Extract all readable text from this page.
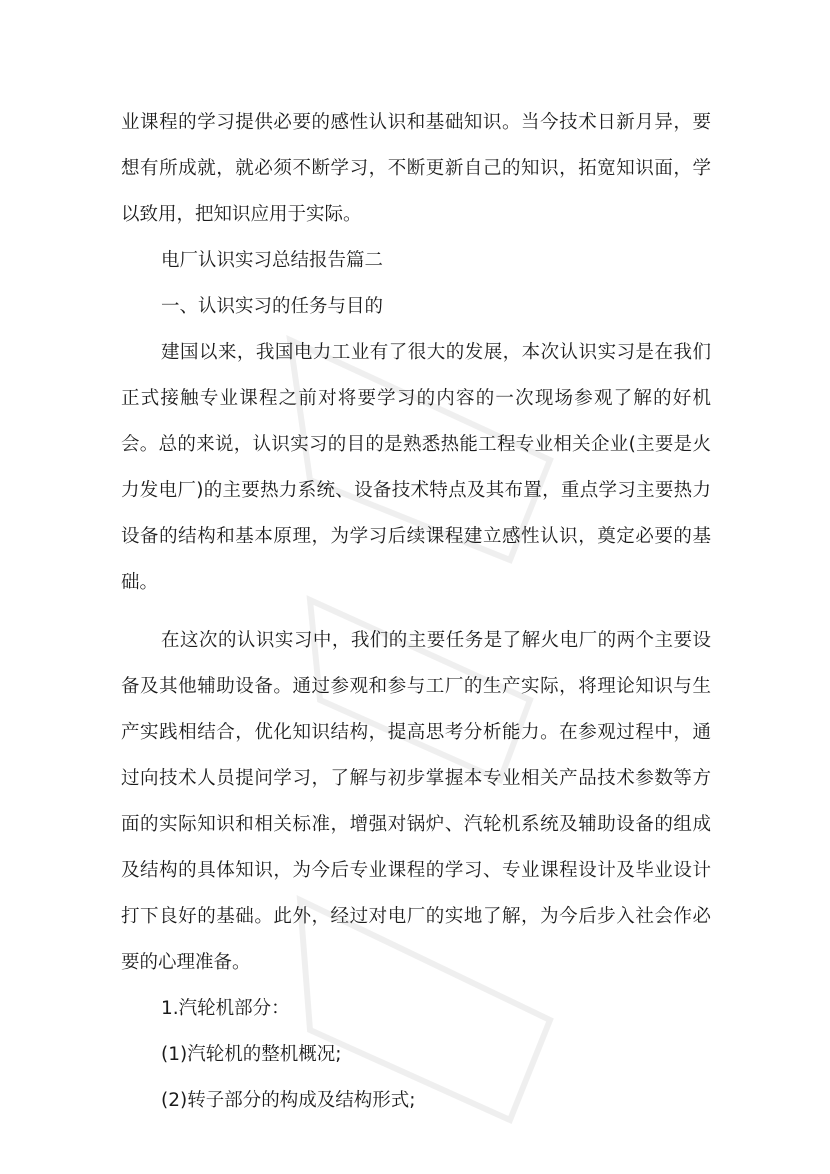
业课程的学习提供必要的感性认识和基础知识。当今技术日新月异，要想有所成就，就必须不断学习，不断更新自己的知识，拓宽知识面，学以致用，把知识应用于实际。

电厂认识实习总结报告篇二

一、认识实习的任务与目的

建国以来，我国电力工业有了很大的发展，本次认识实习是在我们正式接触专业课程之前对将要学习的内容的一次现场参观了解的好机会。总的来说，认识实习的目的是熟悉热能工程专业相关企业(主要是火力发电厂)的主要热力系统、设备技术特点及其布置，重点学习主要热力设备的结构和基本原理，为学习后续课程建立感性认识，奠定必要的基础。

在这次的认识实习中，我们的主要任务是了解火电厂的两个主要设备及其他辅助设备。通过参观和参与工厂的生产实际，将理论知识与生产实践相结合，优化知识结构，提高思考分析能力。在参观过程中，通过向技术人员提问学习，了解与初步掌握本专业相关产品技术参数等方面的实际知识和相关标准，增强对锅炉、汽轮机系统及辅助设备的组成及结构的具体知识，为今后专业课程的学习、专业课程设计及毕业设计打下良好的基础。此外，经过对电厂的实地了解，为今后步入社会作必要的心理准备。

1.汽轮机部分：

(1)汽轮机的整机概况;

(2)转子部分的构成及结构形式;
